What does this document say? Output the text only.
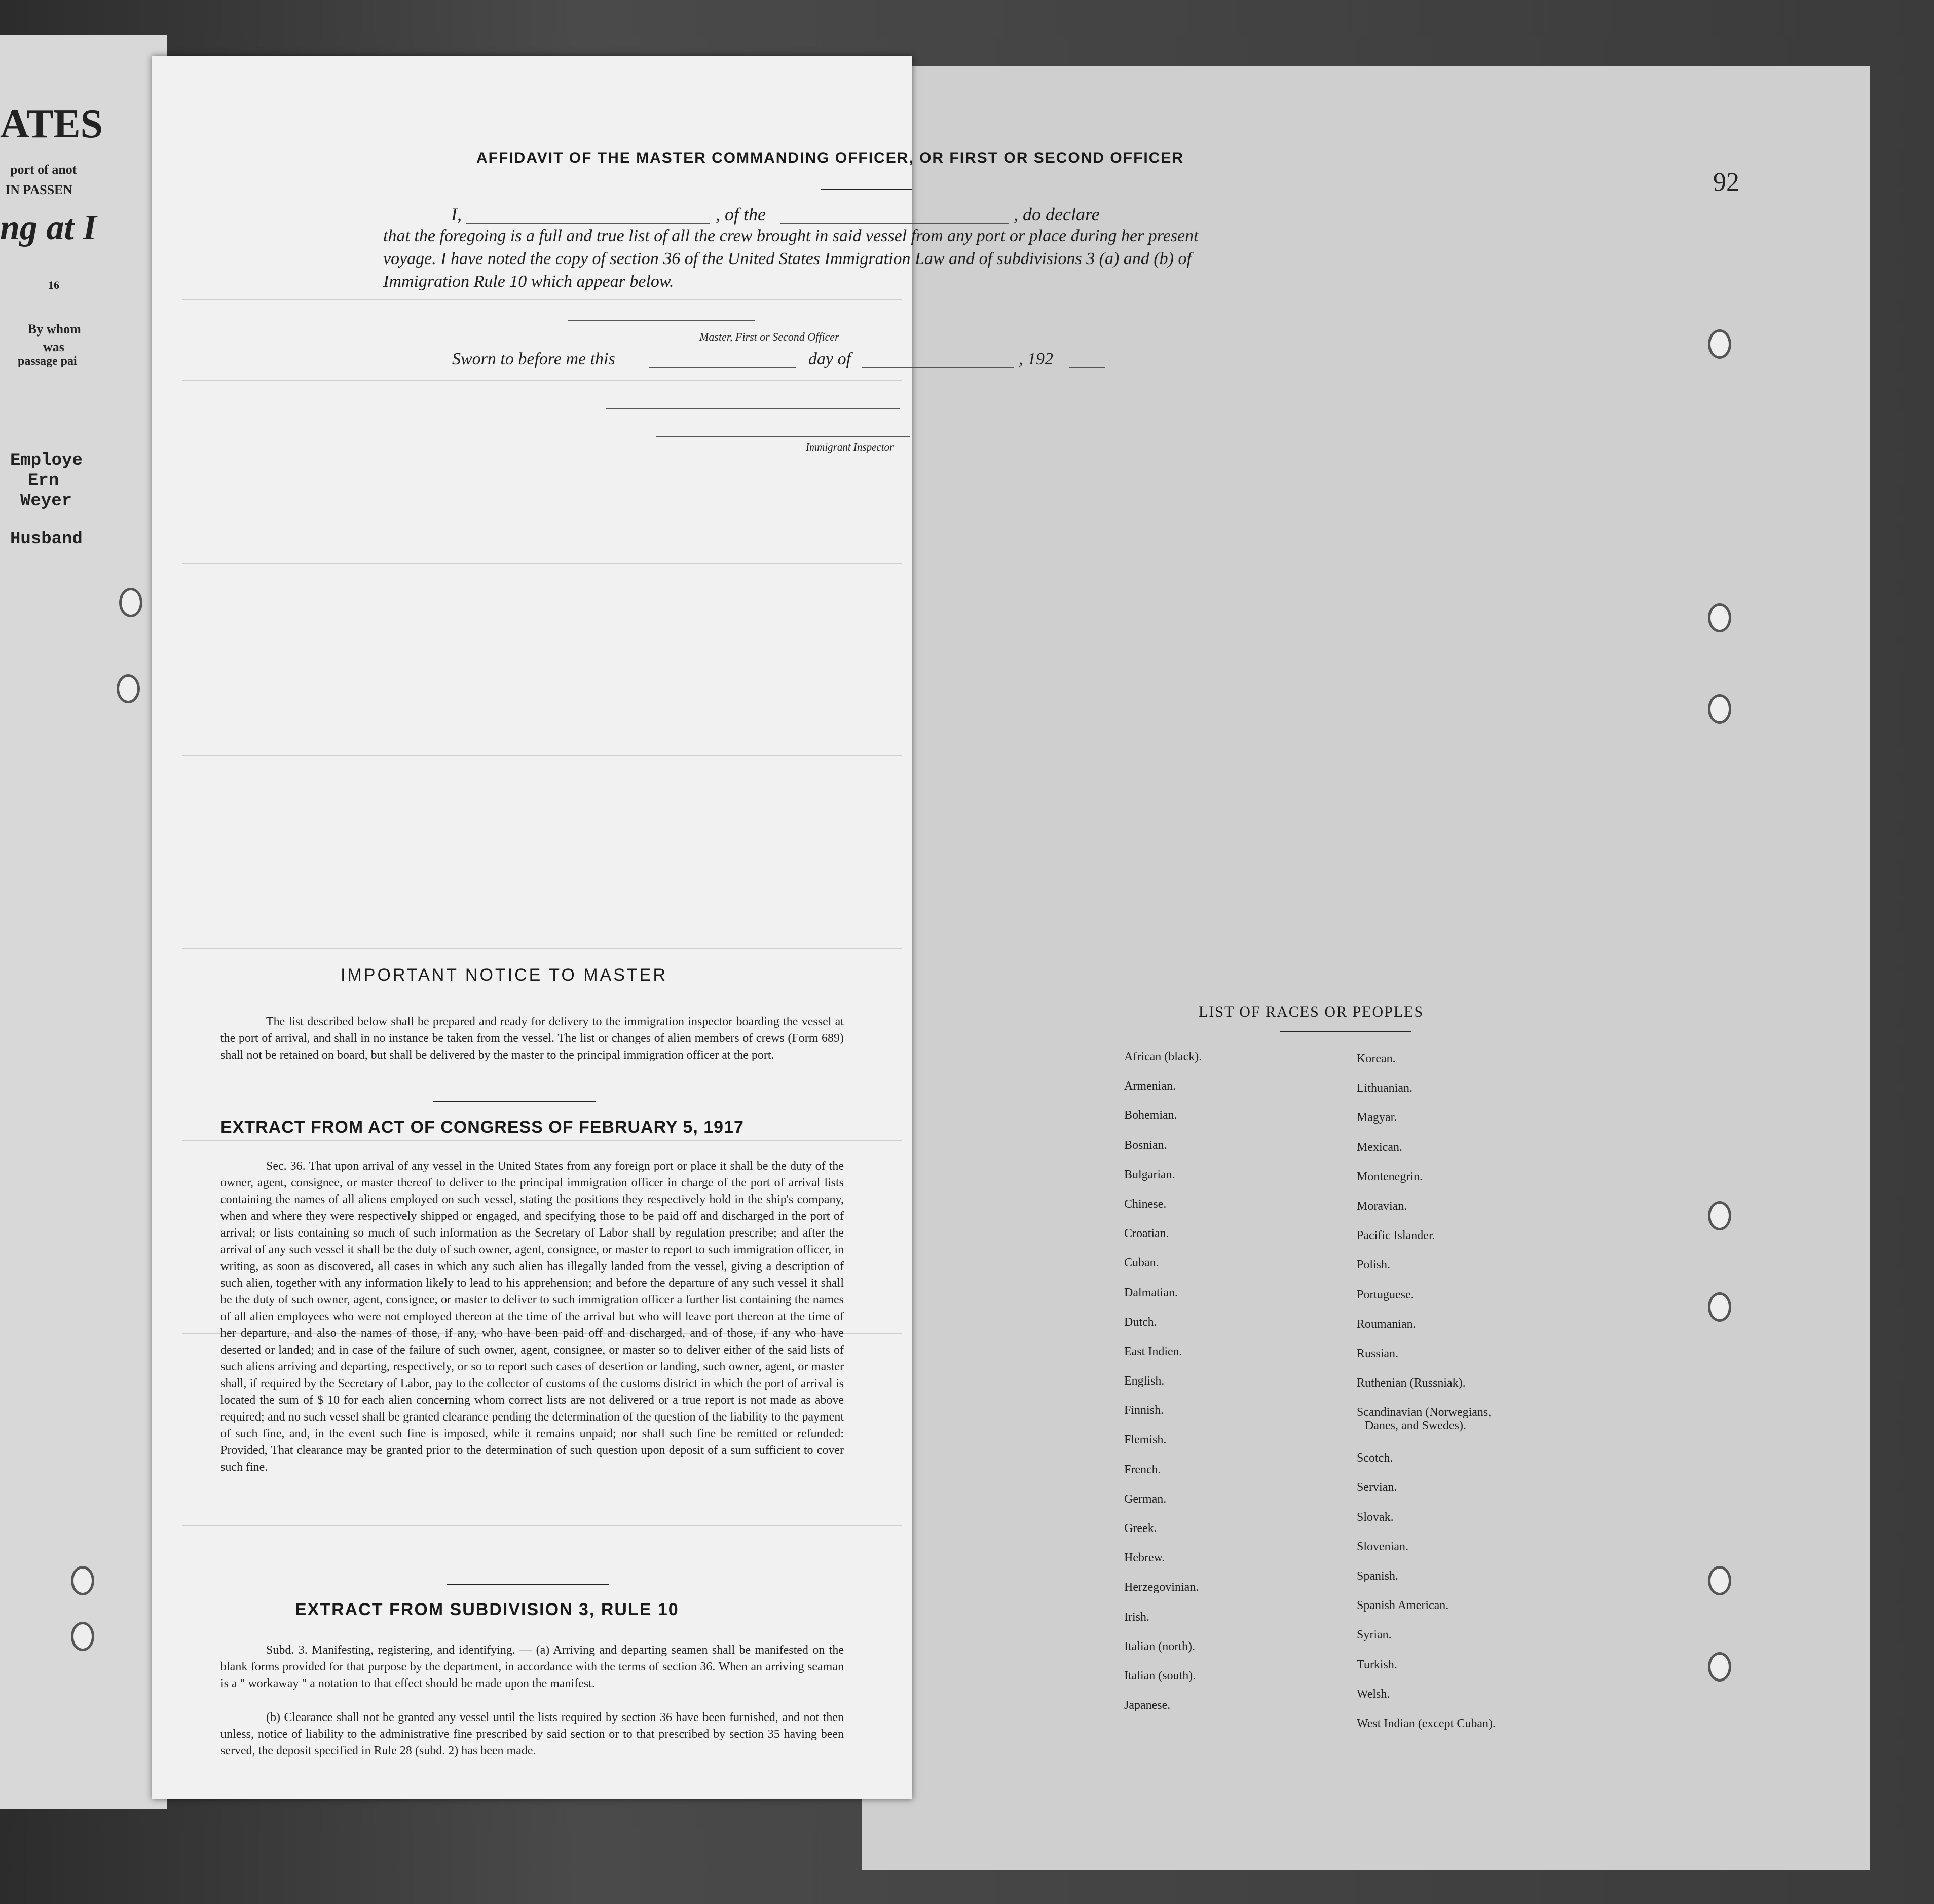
ATES
port of anot
IN PASSEN
ng at I
16
By whom
was
passage pai
Employe
Ern
Weyer
Husband
92
AFFIDAVIT OF THE MASTER COMMANDING OFFICER, OR FIRST OR SECOND OFFICER
I,	, of the	, do declare
that the foregoing is a full and true list of all the crew brought in said vessel from any port or place during her present
voyage. I have noted the copy of section 36 of the United States Immigration Law and of subdivisions 3 (a) and (b) of
Immigration Rule 10 which appear below.
Master, First or Second Officer
Sworn to before me this	day of	, 192
Immigrant Inspector
IMPORTANT NOTICE TO MASTER
The list described below shall be prepared and ready for delivery to the immigration inspector boarding the vessel at the port of arrival, and shall in no instance be taken from the vessel. The list or changes of alien members of crews (Form 689) shall not be retained on board, but shall be delivered by the master to the principal immigration officer at the port.
EXTRACT FROM ACT OF CONGRESS OF FEBRUARY 5, 1917
Sec. 36. That upon arrival of any vessel in the United States from any foreign port or place it shall be the duty of the owner, agent, consignee, or master thereof to deliver to the principal immigration officer in charge of the port of arrival lists containing the names of all aliens employed on such vessel, stating the positions they respectively hold in the ship's company, when and where they were respectively shipped or engaged, and specifying those to be paid off and discharged in the port of arrival; or lists containing so much of such information as the Secretary of Labor shall by regulation prescribe; and after the arrival of any such vessel it shall be the duty of such owner, agent, consignee, or master to report to such immigration officer, in writing, as soon as discovered, all cases in which any such alien has illegally landed from the vessel, giving a description of such alien, together with any information likely to lead to his apprehension; and before the departure of any such vessel it shall be the duty of such owner, agent, consignee, or master to deliver to such immigration officer a further list containing the names of all alien employees who were not employed thereon at the time of the arrival but who will leave port thereon at the time of her departure, and also the names of those, if any, who have been paid off and discharged, and of those, if any who have deserted or landed; and in case of the failure of such owner, agent, consignee, or master so to deliver either of the said lists of such aliens arriving and departing, respectively, or so to report such cases of desertion or landing, such owner, agent, or master shall, if required by the Secretary of Labor, pay to the collector of customs of the customs district in which the port of arrival is located the sum of $ 10 for each alien concerning whom correct lists are not delivered or a true report is not made as above required; and no such vessel shall be granted clearance pending the determination of the question of the liability to the payment of such fine, and, in the event such fine is imposed, while it remains unpaid; nor shall such fine be remitted or refunded: Provided, That clearance may be granted prior to the determination of such question upon deposit of a sum sufficient to cover such fine.
EXTRACT FROM SUBDIVISION 3, RULE 10
Subd. 3. Manifesting, registering, and identifying. — (a) Arriving and departing seamen shall be manifested on the blank forms provided for that purpose by the department, in accordance with the terms of section 36. When an arriving seaman is a " workaway " a notation to that effect should be made upon the manifest.
(b) Clearance shall not be granted any vessel until the lists required by section 36 have been furnished, and not then unless, notice of liability to the administrative fine prescribed by said section or to that prescribed by section 35 having been served, the deposit specified in Rule 28 (subd. 2) has been made.
LIST OF RACES OR PEOPLES
African (black).
Armenian.
Bohemian.
Bosnian.
Bulgarian.
Chinese.
Croatian.
Cuban.
Dalmatian.
Dutch.
East Indien.
English.
Finnish.
Flemish.
French.
German.
Greek.
Hebrew.
Herzegovinian.
Irish.
Italian (north).
Italian (south).
Japanese.
Korean.
Lithuanian.
Magyar.
Mexican.
Montenegrin.
Moravian.
Pacific Islander.
Polish.
Portuguese.
Roumanian.
Russian.
Ruthenian (Russniak).
Scandinavian (Norwegians,
Danes, and Swedes).
Scotch.
Servian.
Slovak.
Slovenian.
Spanish.
Spanish American.
Syrian.
Turkish.
Welsh.
West Indian (except Cuban).
